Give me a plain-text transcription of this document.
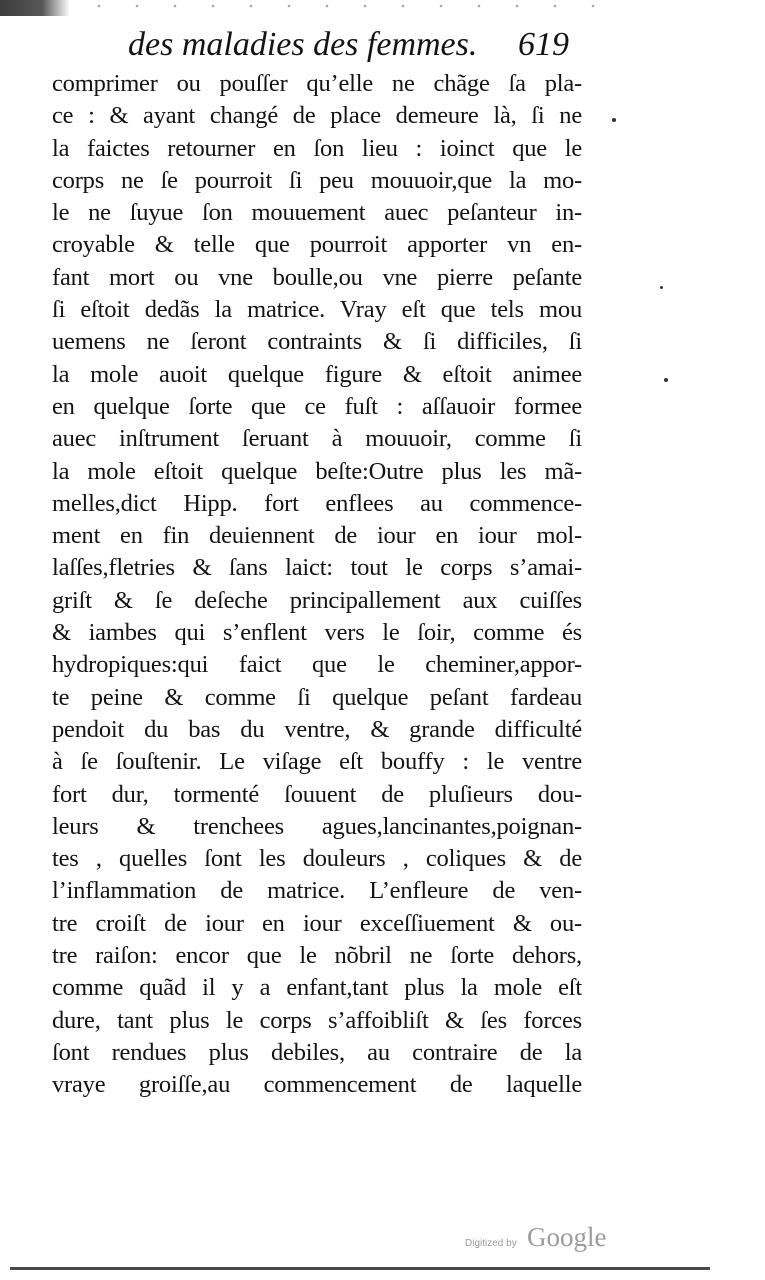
des maladies des femmes. 619
comprimer ou pouſſer qu’elle ne chãge ſa pla-
ce : & ayant changé de place demeure là, ſi ne
la faictes retourner en ſon lieu : ioinct que le
corps ne ſe pourroit ſi peu mouuoir,que la mo-
le ne ſuyue ſon mouuement auec peſanteur in-
croyable & telle que pourroit apporter vn en-
fant mort ou vne boulle,ou vne pierre peſante
ſi eſtoit dedãs la matrice. Vray eſt que tels mou
uemens ne ſeront contraints & ſi difficiles, ſi
la mole auoit quelque figure & eſtoit animee
en quelque ſorte que ce fuſt : aſſauoir formee
auec inſtrument ſeruant à mouuoir, comme ſi
la mole eſtoit quelque beſte:Outre plus les mã-
melles,dict Hipp. fort enflees au commence-
ment en fin deuiennent de iour en iour mol-
laſſes,fletries & ſans laict: tout le corps s’amai-
griſt & ſe deſeche principallement aux cuiſſes
& iambes qui s’enflent vers le ſoir, comme és
hydropiques:qui faict que le cheminer,appor-
te peine & comme ſi quelque peſant fardeau
pendoit du bas du ventre, & grande difficulté
à ſe ſouſtenir. Le viſage eſt bouffy : le ventre
fort dur, tormenté ſouuent de pluſieurs dou-
leurs & trenchees agues,lancinantes,poignan-
tes , quelles ſont les douleurs , coliques & de
l’inflammation de matrice. L’enfleure de ven-
tre croiſt de iour en iour exceſſiuement & ou-
tre raiſon: encor que le nõbril ne ſorte dehors,
comme quãd il y a enfant,tant plus la mole eſt
dure, tant plus le corps s’affoibliſt & ſes forces
ſont rendues plus debiles, au contraire de la
vraye groiſſe,au commencement de laquelle
Digitized by Google
